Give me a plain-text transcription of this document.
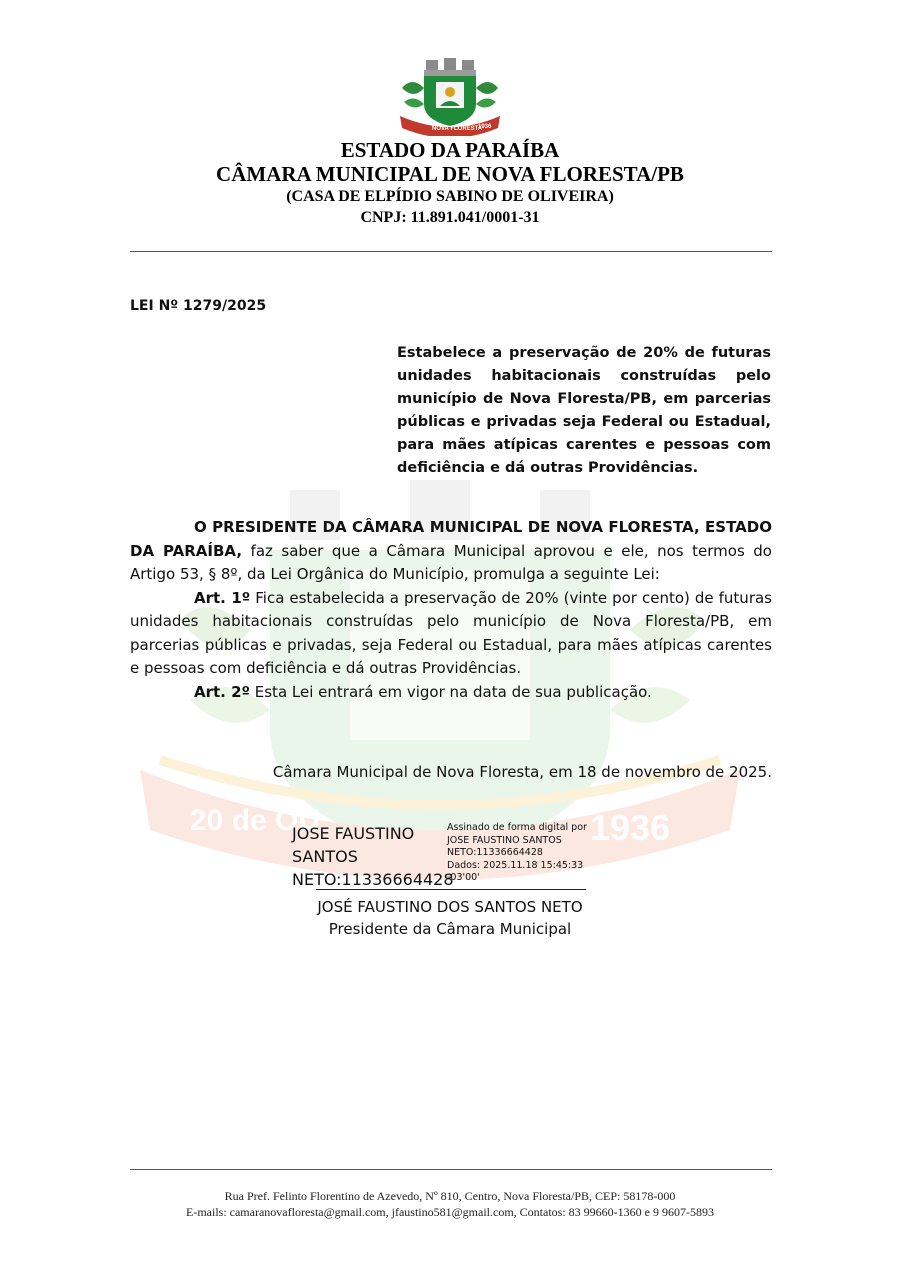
20 de OU	1936
NOVA FLORESTA
1936
ESTADO DA PARAÍBA
CÂMARA MUNICIPAL DE NOVA FLORESTA/PB
(CASA DE ELPÍDIO SABINO DE OLIVEIRA)
CNPJ: 11.891.041/0001-31
LEI Nº 1279/2025
Estabelece a preservação de 20% de futuras unidades habitacionais construídas pelo município de Nova Floresta/PB, em parcerias públicas e privadas seja Federal ou Estadual, para mães atípicas carentes e pessoas com deficiência e dá outras Providências.

O PRESIDENTE DA CÂMARA MUNICIPAL DE NOVA FLORESTA, ESTADO DA PARAÍBA, faz saber que a Câmara Municipal aprovou e ele, nos termos do Artigo 53, § 8º, da Lei Orgânica do Município, promulga a seguinte Lei:

Art. 1º Fica estabelecida a preservação de 20% (vinte por cento) de futuras unidades habitacionais construídas pelo município de Nova Floresta/PB, em parcerias públicas e privadas, seja Federal ou Estadual, para mães atípicas carentes e pessoas com deficiência e dá outras Providências.

Art. 2º Esta Lei entrará em vigor na data de sua publicação.

Câmara Municipal de Nova Floresta, em 18 de novembro de 2025.
JOSE FAUSTINO
SANTOS
NETO:11336664428
Assinado de forma digital por
JOSE FAUSTINO SANTOS
NETO:11336664428
Dados: 2025.11.18 15:45:33
-03'00'
JOSÉ FAUSTINO DOS SANTOS NETO
Presidente da Câmara Municipal
Rua Pref. Felinto Florentino de Azevedo, Nº 810, Centro, Nova Floresta/PB, CEP: 58178-000
E-mails: camaranovafloresta@gmail.com, jfaustino581@gmail.com, Contatos: 83 99660-1360 e 9 9607-5893
